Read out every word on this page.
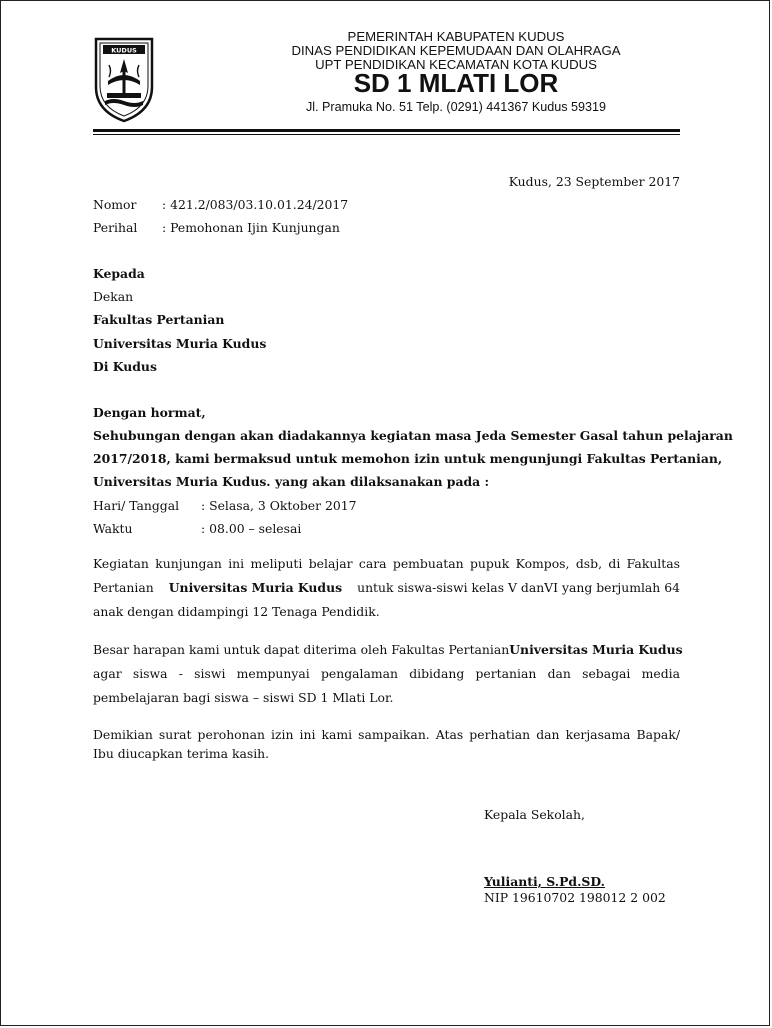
KUDUS
PEMERINTAH KABUPATEN KUDUS
DINAS PENDIDIKAN KEPEMUDAAN DAN OLAHRAGA
UPT PENDIDIKAN KECAMATAN KOTA KUDUS
SD 1 MLATI LOR
Jl. Pramuka No. 51 Telp. (0291) 441367 Kudus 59319
Kudus, 23 September 2017
Nomor : 421.2/083/03.10.01.24/2017
Perihal : Pemohonan Ijin Kunjungan
Kepada
Dekan
Fakultas Pertanian
Universitas Muria Kudus
Di Kudus
Dengan hormat,
Sehubungan dengan akan diadakannya kegiatan masa Jeda Semester Gasal tahun pelajaran
2017/2018, kami bermaksud untuk memohon izin untuk mengunjungi Fakultas Pertanian,
Universitas Muria Kudus. yang akan dilaksanakan pada :
Hari/ Tanggal : Selasa, 3 Oktober 2017
Waktu	: 08.00 – selesai
Kegiatan kunjungan ini meliputi belajar cara pembuatan pupuk Kompos, dsb, di Fakultas
Pertanian Universitas Muria Kudus untuk siswa-siswi kelas V danVI yang berjumlah 64
anak dengan didampingi 12 Tenaga Pendidik.
Besar harapan kami untuk dapat diterima oleh Fakultas Pertanian Universitas Muria Kudus
agar siswa - siswi mempunyai pengalaman dibidang pertanian dan sebagai media
pembelajaran bagi siswa – siswi SD 1 Mlati Lor.
Demikian surat perohonan izin ini kami sampaikan. Atas perhatian dan kerjasama Bapak/
Ibu diucapkan terima kasih.
Kepala Sekolah,
Yulianti, S.Pd.SD.
NIP 19610702 198012 2 002
